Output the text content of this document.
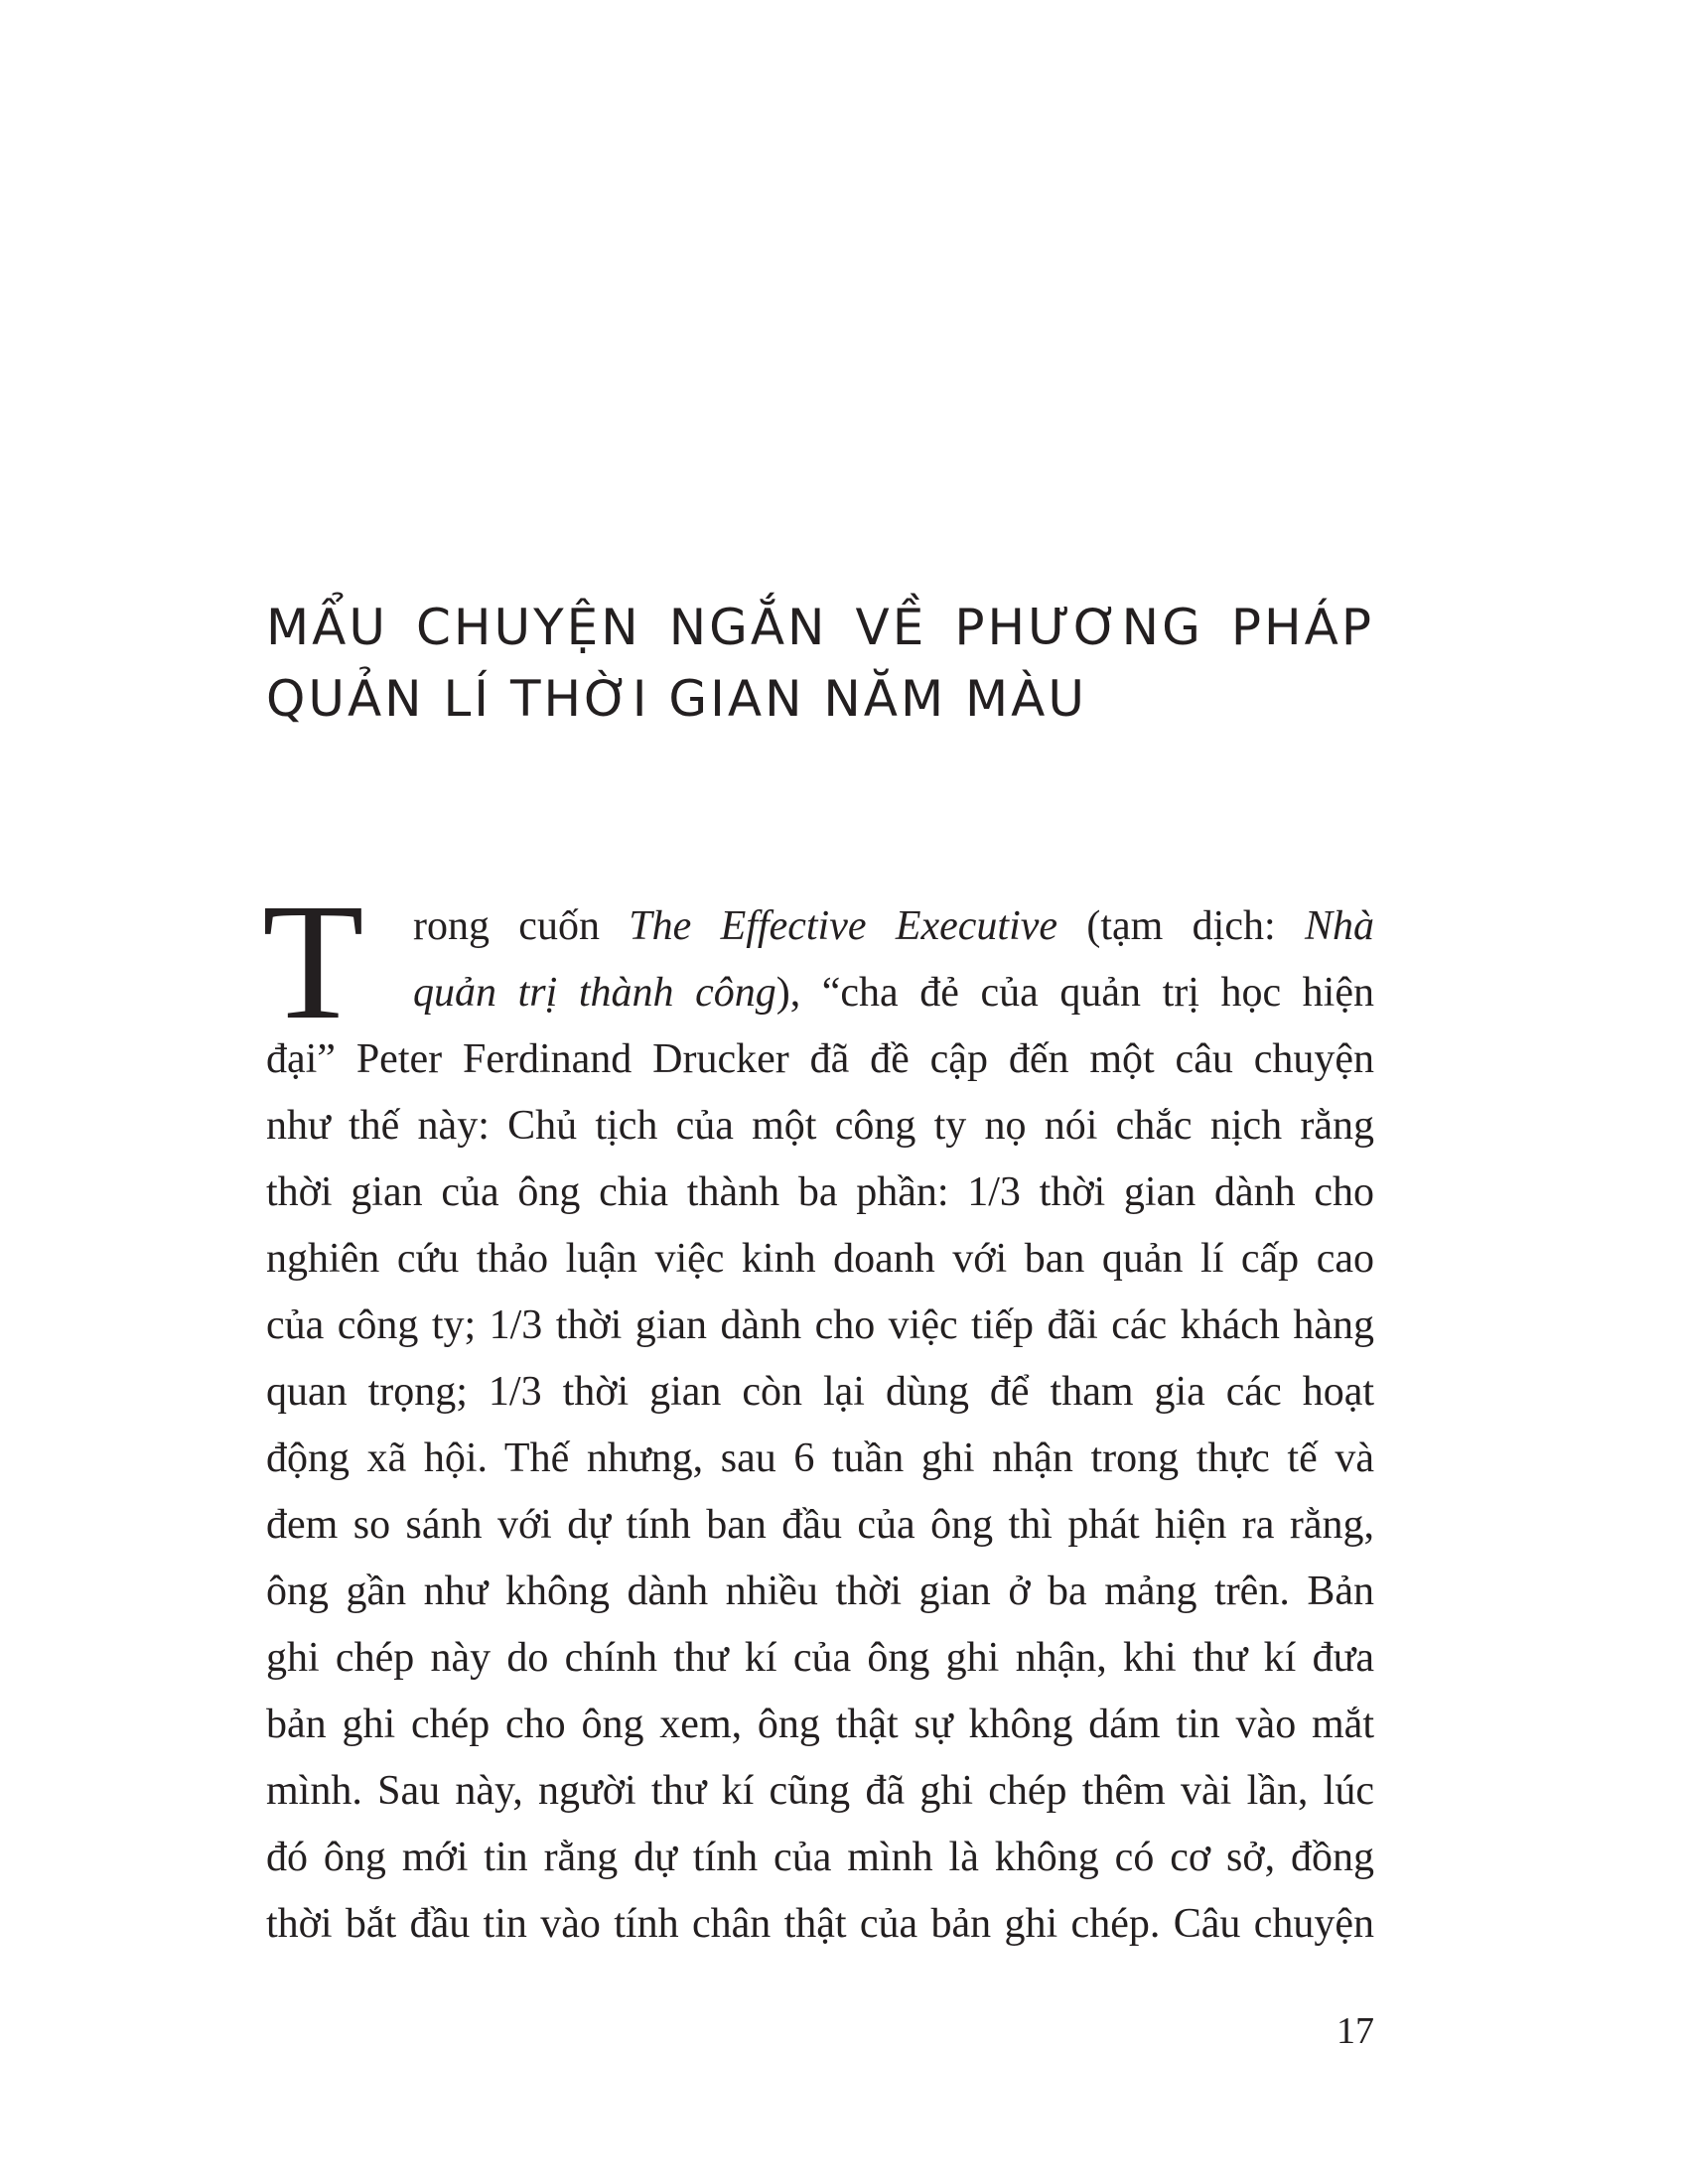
MẨU CHUYỆN NGẮN VỀ PHƯƠNG PHÁP
QUẢN LÍ THỜI GIAN NĂM MÀU
T	rong cuốn The Effective Executive (tạm dịch: Nhà
quản trị thành công), “cha đẻ của quản trị học hiện
đại” Peter Ferdinand Drucker đã đề cập đến một câu chuyện
như thế này: Chủ tịch của một công ty nọ nói chắc nịch rằng
thời gian của ông chia thành ba phần: 1/3 thời gian dành cho
nghiên cứu thảo luận việc kinh doanh với ban quản lí cấp cao
của công ty; 1/3 thời gian dành cho việc tiếp đãi các khách hàng
quan trọng; 1/3 thời gian còn lại dùng để tham gia các hoạt
động xã hội. Thế nhưng, sau 6 tuần ghi nhận trong thực tế và
đem so sánh với dự tính ban đầu của ông thì phát hiện ra rằng,
ông gần như không dành nhiều thời gian ở ba mảng trên. Bản
ghi chép này do chính thư kí của ông ghi nhận, khi thư kí đưa
bản ghi chép cho ông xem, ông thật sự không dám tin vào mắt
mình. Sau này, người thư kí cũng đã ghi chép thêm vài lần, lúc
đó ông mới tin rằng dự tính của mình là không có cơ sở, đồng
thời bắt đầu tin vào tính chân thật của bản ghi chép. Câu chuyện
17
